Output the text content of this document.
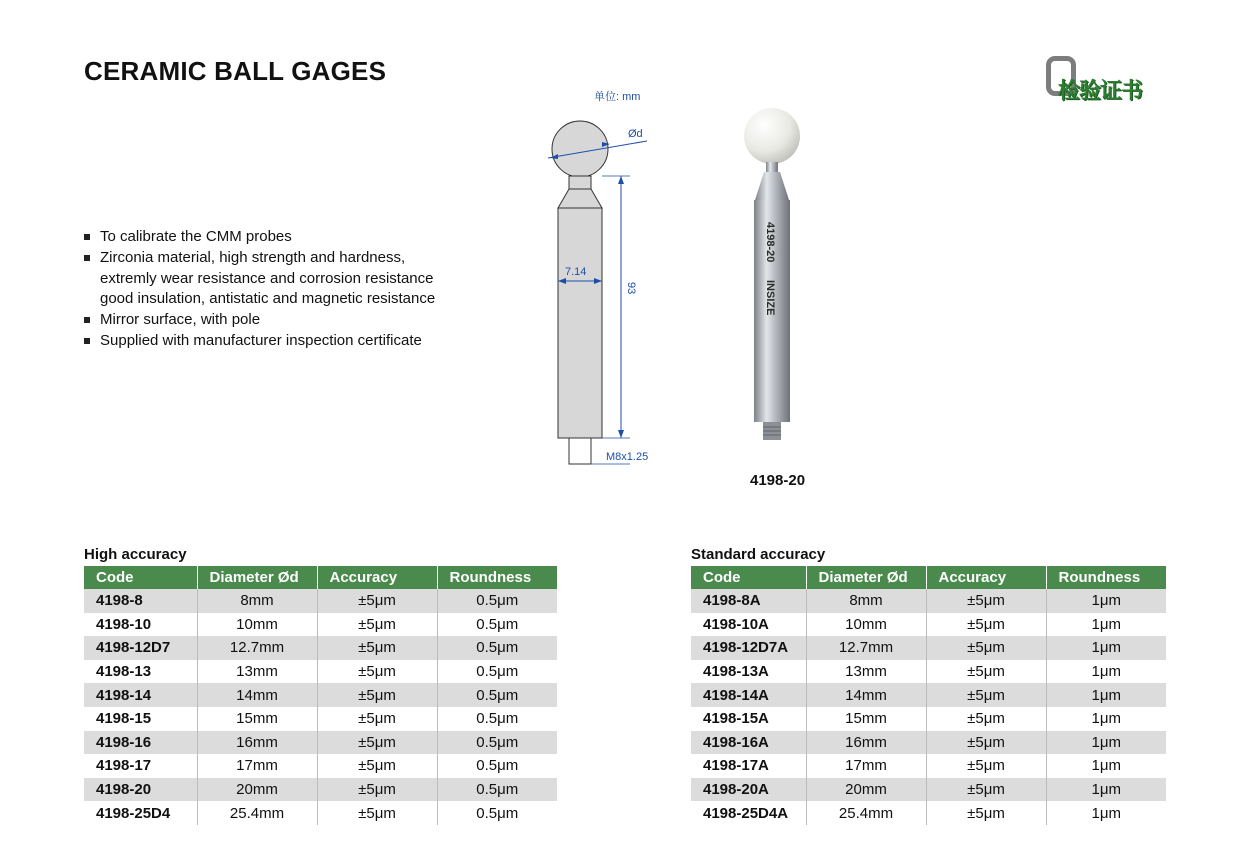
CERAMIC BALL GAGES
检验证书
To calibrate the CMM probes
Zirconia material, high strength and hardness,
extremly wear resistance and corrosion resistance
good insulation, antistatic and magnetic resistance
Mirror surface, with pole
Supplied with manufacturer inspection certificate
单位: mm
Ød
93
7.14
M8x1.25
4198-20
INSIZE
4198-20
High accuracy
Code	Diameter Ød	Accuracy	Roundness
4198-8	8mm	±5μm	0.5μm
4198-10	10mm	±5μm	0.5μm
4198-12D7	12.7mm	±5μm	0.5μm
4198-13	13mm	±5μm	0.5μm
4198-14	14mm	±5μm	0.5μm
4198-15	15mm	±5μm	0.5μm
4198-16	16mm	±5μm	0.5μm
4198-17	17mm	±5μm	0.5μm
4198-20	20mm	±5μm	0.5μm
4198-25D4	25.4mm	±5μm	0.5μm
Standard accuracy
Code	Diameter Ød	Accuracy	Roundness
4198-8A	8mm	±5μm	1μm
4198-10A	10mm	±5μm	1μm
4198-12D7A	12.7mm	±5μm	1μm
4198-13A	13mm	±5μm	1μm
4198-14A	14mm	±5μm	1μm
4198-15A	15mm	±5μm	1μm
4198-16A	16mm	±5μm	1μm
4198-17A	17mm	±5μm	1μm
4198-20A	20mm	±5μm	1μm
4198-25D4A	25.4mm	±5μm	1μm
